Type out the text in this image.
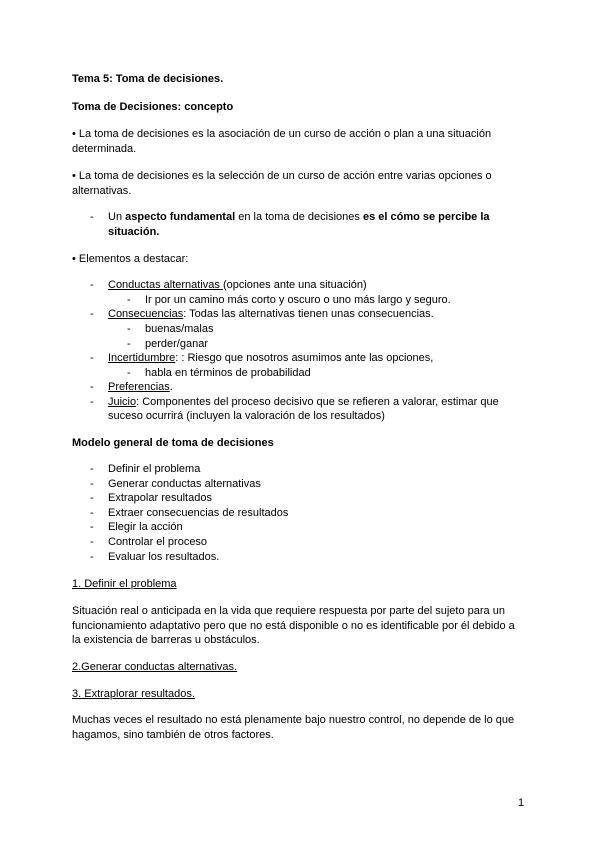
Tema 5: Toma de decisiones.

Toma de Decisiones: concepto

• La toma de decisiones es la asociación de un curso de acción o plan a una situación

determinada.

• La toma de decisiones es la selección de un curso de acción entre varias opciones o

alternativas.

- Un aspecto fundamental en la toma de decisiones es el cómo se percibe la

situación.

• Elementos a destacar:

- Conductas alternativas (opciones ante una situación)

- Ir por un camino más corto y oscuro o uno más largo y seguro.

- Consecuencias: Todas las alternativas tienen unas consecuencias.

- buenas/malas

- perder/ganar

- Incertidumbre: : Riesgo que nosotros asumimos ante las opciones,

- habla en términos de probabilidad

- Preferencias.

- Juicio: Componentes del proceso decisivo que se refieren a valorar, estimar que

suceso ocurrirá (incluyen la valoración de los resultados)

Modelo general de toma de decisiones

- Definir el problema

- Generar conductas alternativas

- Extrapolar resultados

- Extraer consecuencias de resultados

- Elegir la acción

- Controlar el proceso

- Evaluar los resultados.

1. Definir el problema

Situación real o anticipada en la vida que requiere respuesta por parte del sujeto para un

funcionamiento adaptativo pero que no está disponible o no es identificable por él debido a

la existencia de barreras u obstáculos.

2.Generar conductas alternativas.

3. Extraplorar resultados.

Muchas veces el resultado no está plenamente bajo nuestro control, no depende de lo que

hagamos, sino también de otros factores.

1
